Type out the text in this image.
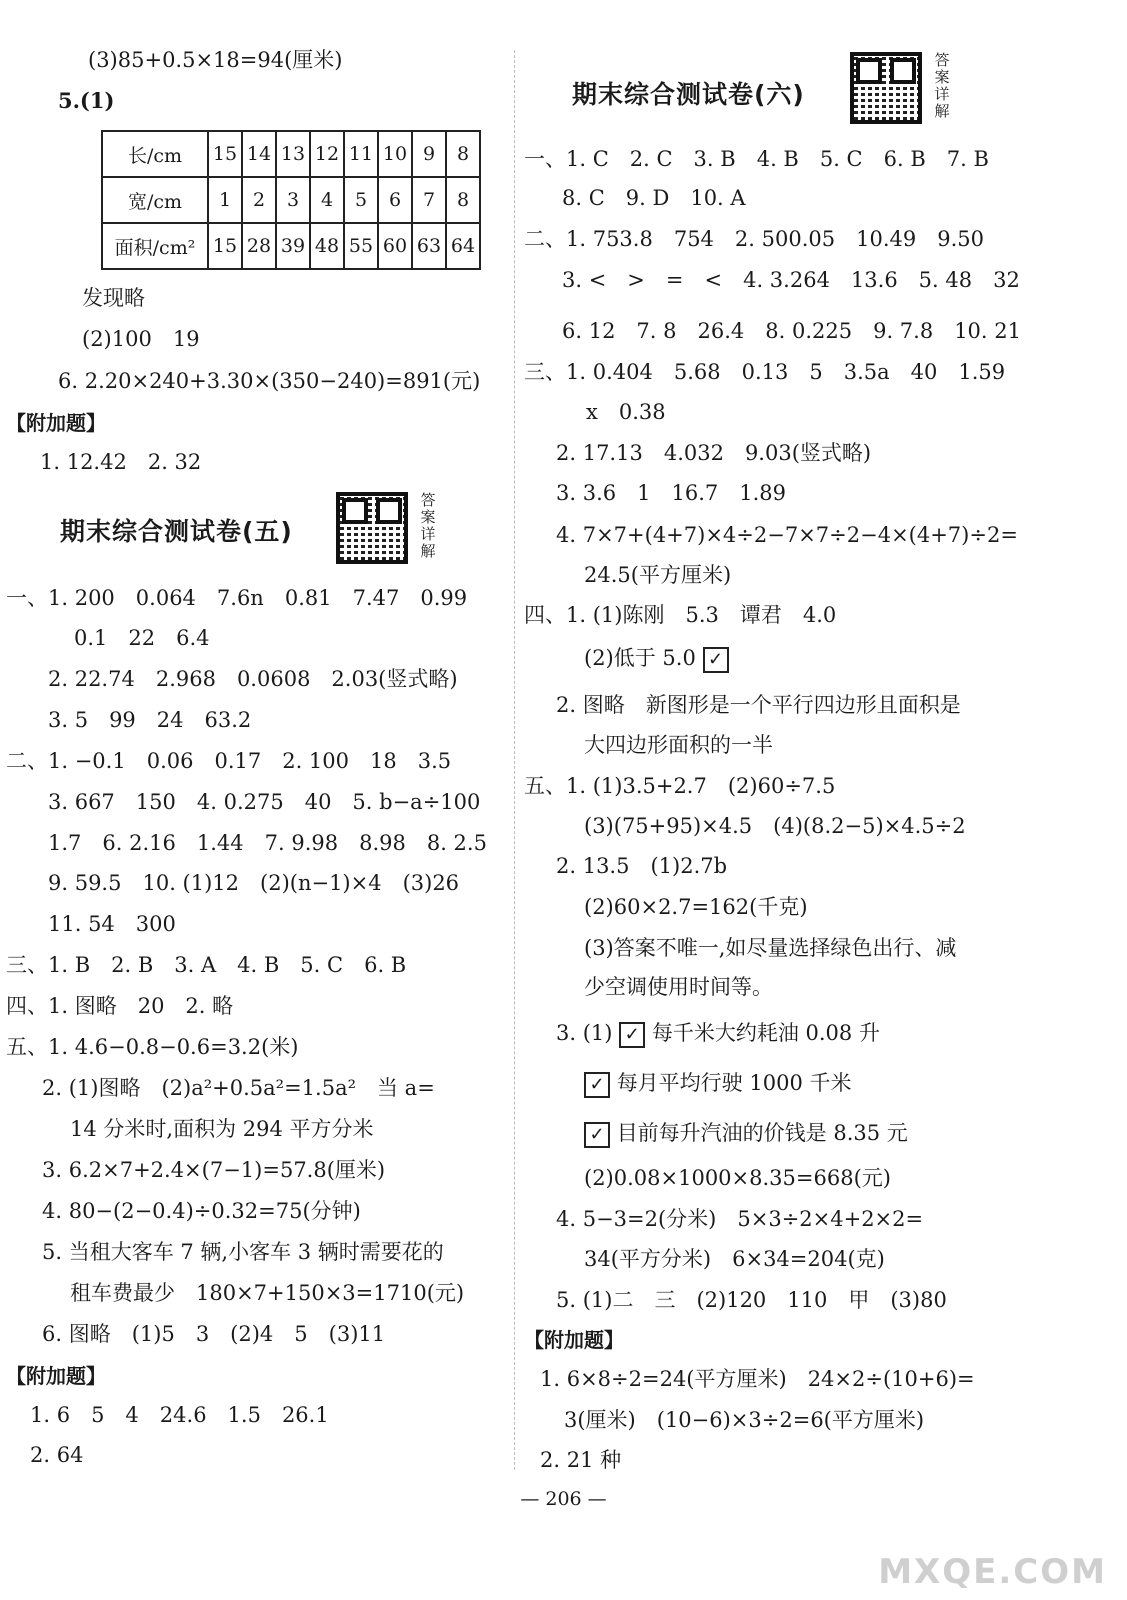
(3)85+0.5×18=94(厘米)
5.(1)
长/cm	15	14	13	12	11	10	9	8
宽/cm	1	2	3	4	5	6	7	8
面积/cm²	15	28	39	48	55	60	63	64
发现略
(2)100　19
6. 2.20×240+3.30×(350−240)=891(元)
【附加题】
1. 12.42　2. 32
期末综合测试卷(五)
答案详解
一、1. 200　0.064　7.6n　0.81　7.47　0.99
0.1　22　6.4
2. 22.74　2.968　0.0608　2.03(竖式略)
3. 5　99　24　63.2
二、1. −0.1　0.06　0.17　2. 100　18　3.5
3. 667　150　4. 0.275　40　5. b−a÷100
1.7　6. 2.16　1.44　7. 9.98　8.98　8. 2.5
9. 59.5　10. (1)12　(2)(n−1)×4　(3)26
11. 54　300
三、1. B　2. B　3. A　4. B　5. C　6. B
四、1. 图略　20　2. 略
五、1. 4.6−0.8−0.6=3.2(米)
2. (1)图略　(2)a²+0.5a²=1.5a²　当 a=
14 分米时,面积为 294 平方分米
3. 6.2×7+2.4×(7−1)=57.8(厘米)
4. 80−(2−0.4)÷0.32=75(分钟)
5. 当租大客车 7 辆,小客车 3 辆时需要花的
租车费最少　180×7+150×3=1710(元)
6. 图略　(1)5　3　(2)4　5　(3)11
【附加题】
1. 6　5　4　24.6　1.5　26.1
2. 64
期末综合测试卷(六)
答案详解
一、1. C　2. C　3. B　4. B　5. C　6. B　7. B
8. C　9. D　10. A
二、1. 753.8　754　2. 500.05　10.49　9.50
3. <　>　=　<　4. 3.264　13.6　5. 48　32
6. 12　7. 8　26.4　8. 0.225　9. 7.8　10. 21
三、1. 0.404　5.68　0.13　5　3.5a　40　1.59
x　0.38
2. 17.13　4.032　9.03(竖式略)
3. 3.6　1　16.7　1.89
4. 7×7+(4+7)×4÷2−7×7÷2−4×(4+7)÷2=
24.5(平方厘米)
四、1. (1)陈刚　5.3　谭君　4.0
(2)低于 5.0 ✓
2. 图略　新图形是一个平行四边形且面积是
大四边形面积的一半
五、1. (1)3.5+2.7　(2)60÷7.5
(3)(75+95)×4.5　(4)(8.2−5)×4.5÷2
2. 13.5　(1)2.7b
(2)60×2.7=162(千克)
(3)答案不唯一,如尽量选择绿色出行、减
少空调使用时间等。
3. (1) ✓ 每千米大约耗油 0.08 升
✓ 每月平均行驶 1000 千米
✓ 目前每升汽油的价钱是 8.35 元
(2)0.08×1000×8.35=668(元)
4. 5−3=2(分米)　5×3÷2×4+2×2=
34(平方分米)　6×34=204(克)
5. (1)二　三　(2)120　110　甲　(3)80
【附加题】
1. 6×8÷2=24(平方厘米)　24×2÷(10+6)=
3(厘米)　(10−6)×3÷2=6(平方厘米)
2. 21 种
— 206 —
MXQE.COM
